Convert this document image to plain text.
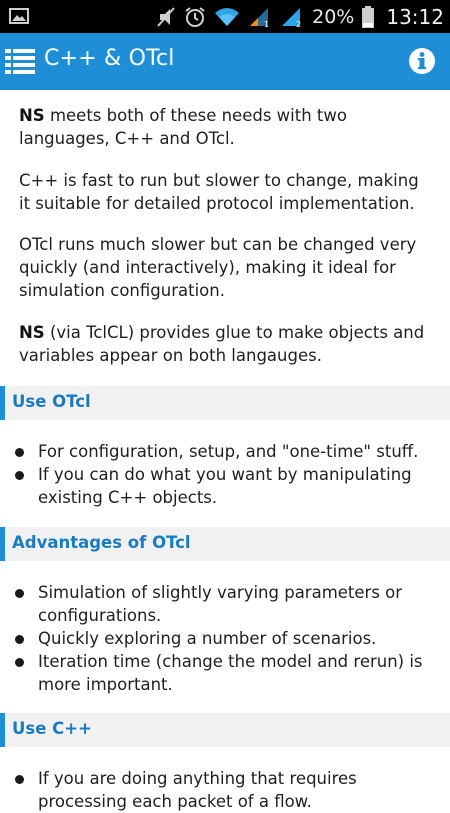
1	2 20% 13:12
C++ & OTcl

NS meets both of these needs with two languages, C++ and OTcl.

C++ is fast to run but slower to change, making it suitable for detailed protocol implementation.

OTcl runs much slower but can be changed very quickly (and interactively), making it ideal for simulation configuration.

NS (via TclCL) provides glue to make objects and variables appear on both langauges.

Use OTcl
For configuration, setup, and "one-time" stuff.
If you can do what you want by manipulating existing C++ objects.
Advantages of OTcl
Simulation of slightly varying parameters or configurations.
Quickly exploring a number of scenarios.
Iteration time (change the model and rerun) is more important.
Use C++
If you are doing anything that requires processing each packet of a flow.
